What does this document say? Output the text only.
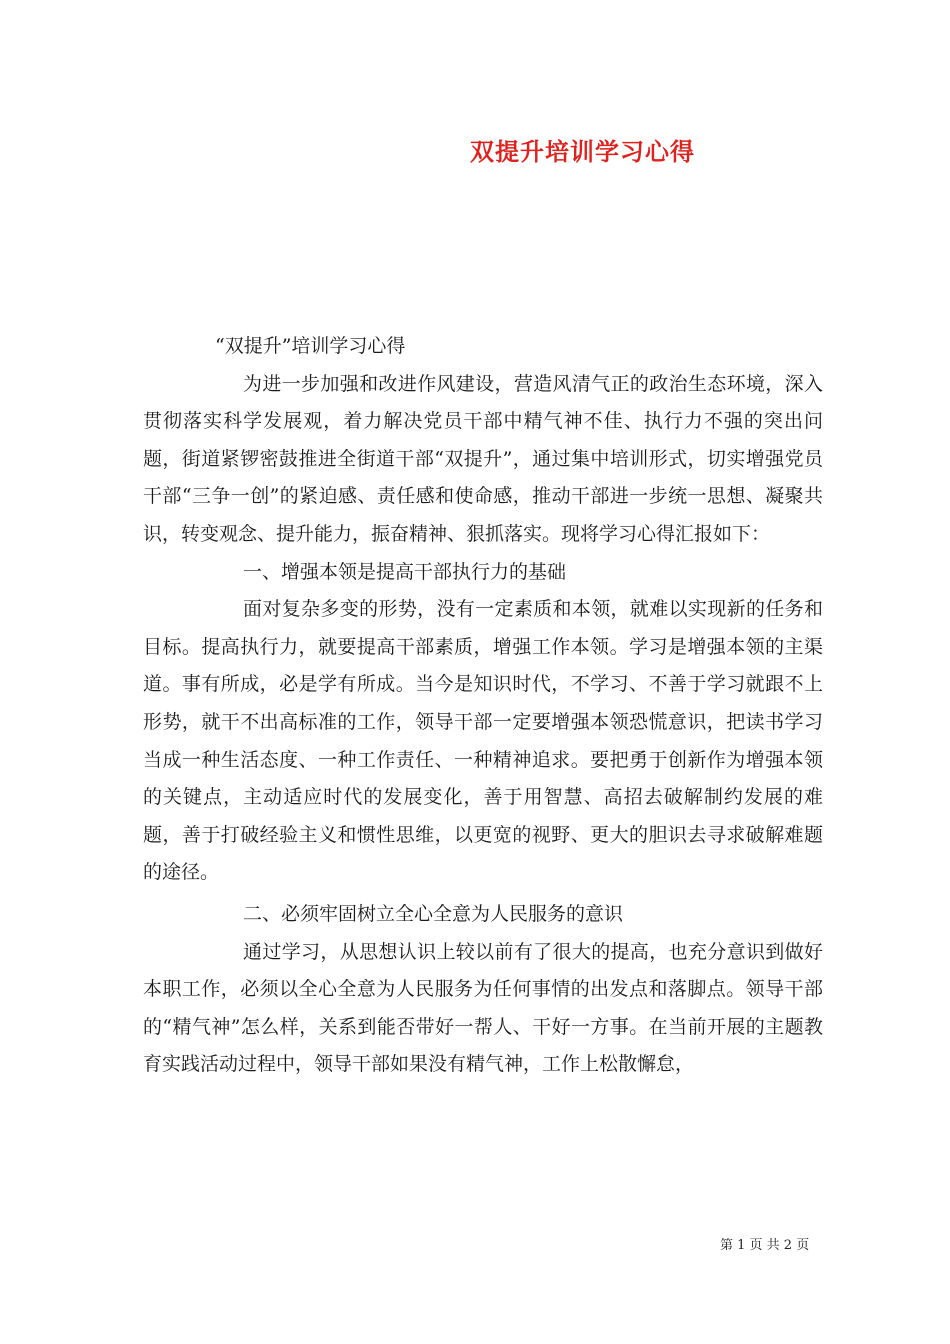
双提升培训学习心得

“双提升”培训学习心得

为进一步加强和改进作风建设，营造风清气正的政治生态环境，深入贯彻落实科学发展观，着力解决党员干部中精气神不佳、执行力不强的突出问题，街道紧锣密鼓推进全街道干部“双提升”，通过集中培训形式，切实增强党员干部“三争一创”的紧迫感、责任感和使命感，推动干部进一步统一思想、凝聚共识，转变观念、提升能力，振奋精神、狠抓落实。现将学习心得汇报如下：

一、增强本领是提高干部执行力的基础

面对复杂多变的形势，没有一定素质和本领，就难以实现新的任务和目标。提高执行力，就要提高干部素质，增强工作本领。学习是增强本领的主渠道。事有所成，必是学有所成。当今是知识时代，不学习、不善于学习就跟不上形势，就干不出高标准的工作，领导干部一定要增强本领恐慌意识，把读书学习当成一种生活态度、一种工作责任、一种精神追求。要把勇于创新作为增强本领的关键点，主动适应时代的发展变化，善于用智慧、高招去破解制约发展的难题，善于打破经验主义和惯性思维，以更宽的视野、更大的胆识去寻求破解难题的途径。

二、必须牢固树立全心全意为人民服务的意识

通过学习，从思想认识上较以前有了很大的提高，也充分意识到做好本职工作，必须以全心全意为人民服务为任何事情的出发点和落脚点。领导干部的“精气神”怎么样，关系到能否带好一帮人、干好一方事。在当前开展的主题教育实践活动过程中，领导干部如果没有精气神，工作上松散懈怠，

第 1 页 共 2 页
